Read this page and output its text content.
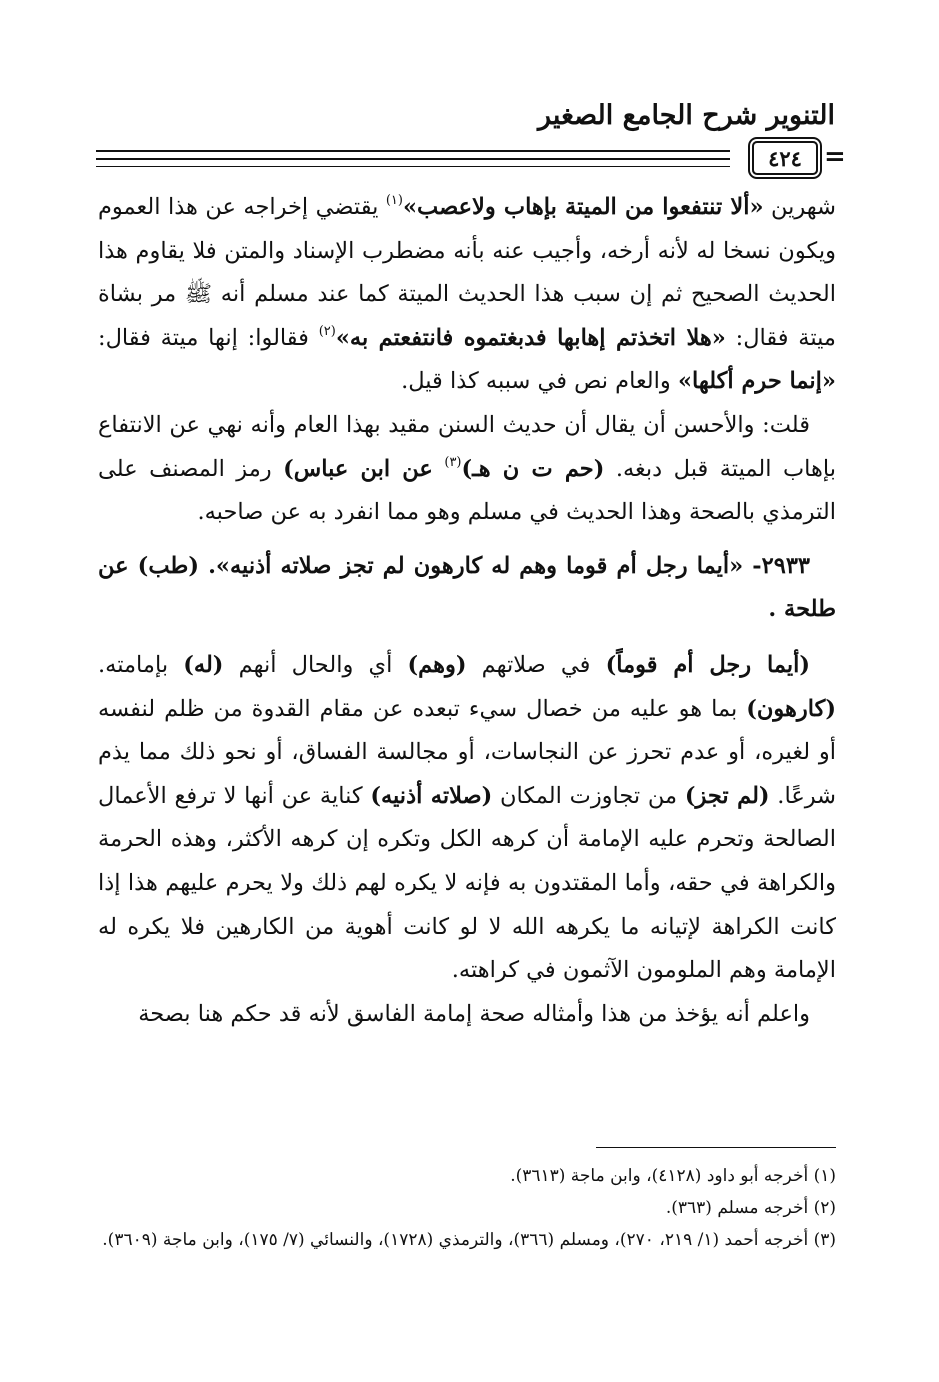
التنوير شرح الجامع الصغير
٤٢٤ =

شهرين «ألا تنتفعوا من الميتة بإهاب ولاعصب»$^{(١)}$ يقتضي إخراجه عن هذا العموم ويكون نسخا له لأنه أرخه، وأجيب عنه بأنه مضطرب الإسناد والمتن فلا يقاوم هذا الحديث الصحيح ثم إن سبب هذا الحديث الميتة كما عند مسلم أنه ﷺ مر بشاة ميتة فقال: «هلا اتخذتم إهابها فدبغتموه فانتفعتم به»$^{(٢)}$ فقالوا: إنها ميتة فقال: «إنما حرم أكلها» والعام نص في سببه كذا قيل.

قلت: والأحسن أن يقال أن حديث السنن مقيد بهذا العام وأنه نهي عن الانتفاع بإهاب الميتة قبل دبغه. (حم ت ن هـ)$^{(٣)}$ عن ابن عباس) رمز المصنف على الترمذي بالصحة وهذا الحديث في مسلم وهو مما انفرد به عن صاحبه.

٢٩٣٣- «أيما رجل أم قوما وهم له كارهون لم تجز صلاته أذنيه». (طب) عن طلحة .

(أيما رجل أم قوماً) في صلاتهم (وهم) أي والحال أنهم (له) بإمامته. (كارهون) بما هو عليه من خصال سيء تبعده عن مقام القدوة من ظلم لنفسه أو لغيره، أو عدم تحرز عن النجاسات، أو مجالسة الفساق، أو نحو ذلك مما يذم شرعًا. (لم تجز) من تجاوزت المكان (صلاته أذنيه) كناية عن أنها لا ترفع الأعمال الصالحة وتحرم عليه الإمامة أن كرهه الكل وتكره إن كرهه الأكثر، وهذه الحرمة والكراهة في حقه، وأما المقتدون به فإنه لا يكره لهم ذلك ولا يحرم عليهم هذا إذا كانت الكراهة لإتيانه ما يكرهه الله لا لو كانت أهوية من الكارهين فلا يكره له الإمامة وهم الملومون الآثمون في كراهته.

واعلم أنه يؤخذ من هذا وأمثاله صحة إمامة الفاسق لأنه قد حكم هنا بصحة

(١) أخرجه أبو داود (٤١٢٨)، وابن ماجة (٣٦١٣).

(٢) أخرجه مسلم (٣٦٣).

(٣) أخرجه أحمد (١/ ٢١٩، ٢٧٠)، ومسلم (٣٦٦)، والترمذي (١٧٢٨)، والنسائي (٧/ ١٧٥)، وابن ماجة (٣٦٠٩).
